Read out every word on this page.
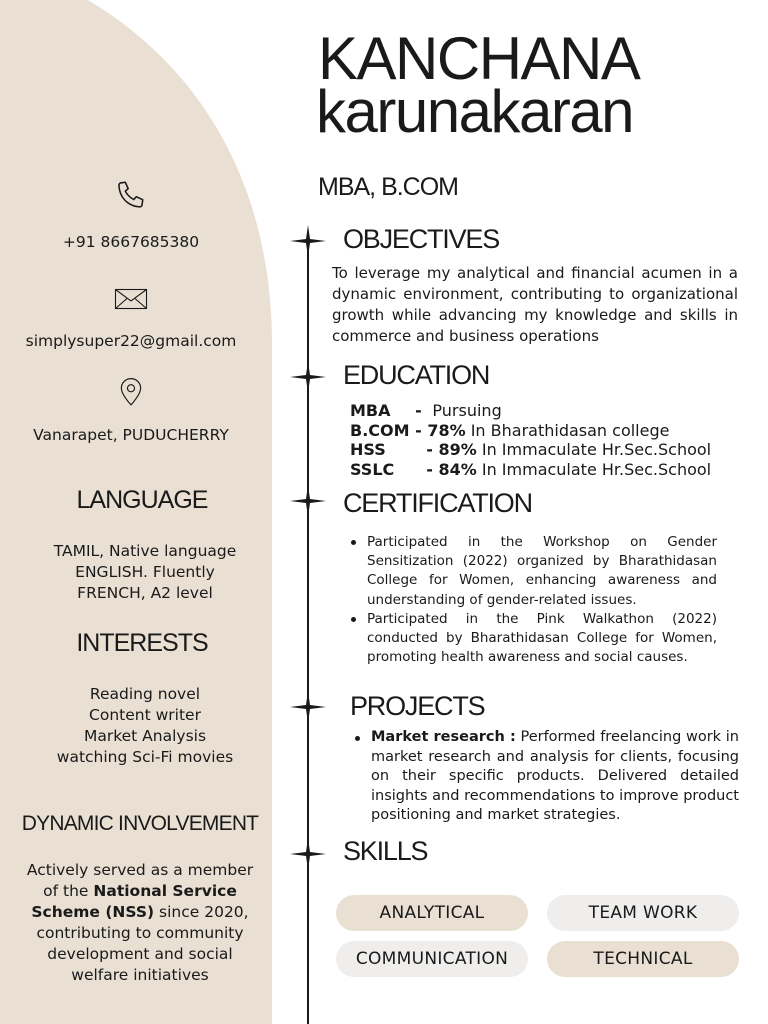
+91 8667685380
simplysuper22@gmail.com
Vanarapet, PUDUCHERRY
LANGUAGE
TAMIL, Native language
ENGLISH. Fluently
FRENCH, A2 level
INTERESTS
Reading novel
Content writer
Market Analysis
watching Sci-Fi movies
DYNAMIC INVOLVEMENT
Actively served as a member of the National Service Scheme (NSS) since 2020, contributing to community development and social welfare initiatives
KANCHANA
karunakaran
MBA, B.COM
OBJECTIVES
To leverage my analytical and financial acumen in a dynamic environment, contributing to organizational growth while advancing my knowledge and skills in commerce and business operations
EDUCATION
MBA	-  Pursuing
B.COM	- 78% In Bharathidasan college
HSS	- 89% In Immaculate Hr.Sec.School
SSLC	- 84% In Immaculate Hr.Sec.School
CERTIFICATION
Participated in the Workshop on Gender Sensitization (2022) organized by Bharathidasan College for Women, enhancing awareness and understanding of gender-related issues.
Participated in the Pink Walkathon (2022) conducted by Bharathidasan College for Women, promoting health awareness and social causes.
PROJECTS
Market research : Performed freelancing work in market research and analysis for clients, focusing on their specific products. Delivered detailed insights and recommendations to improve product positioning and market strategies.
SKILLS
ANALYTICAL	TEAM WORK
COMMUNICATION	TECHNICAL
